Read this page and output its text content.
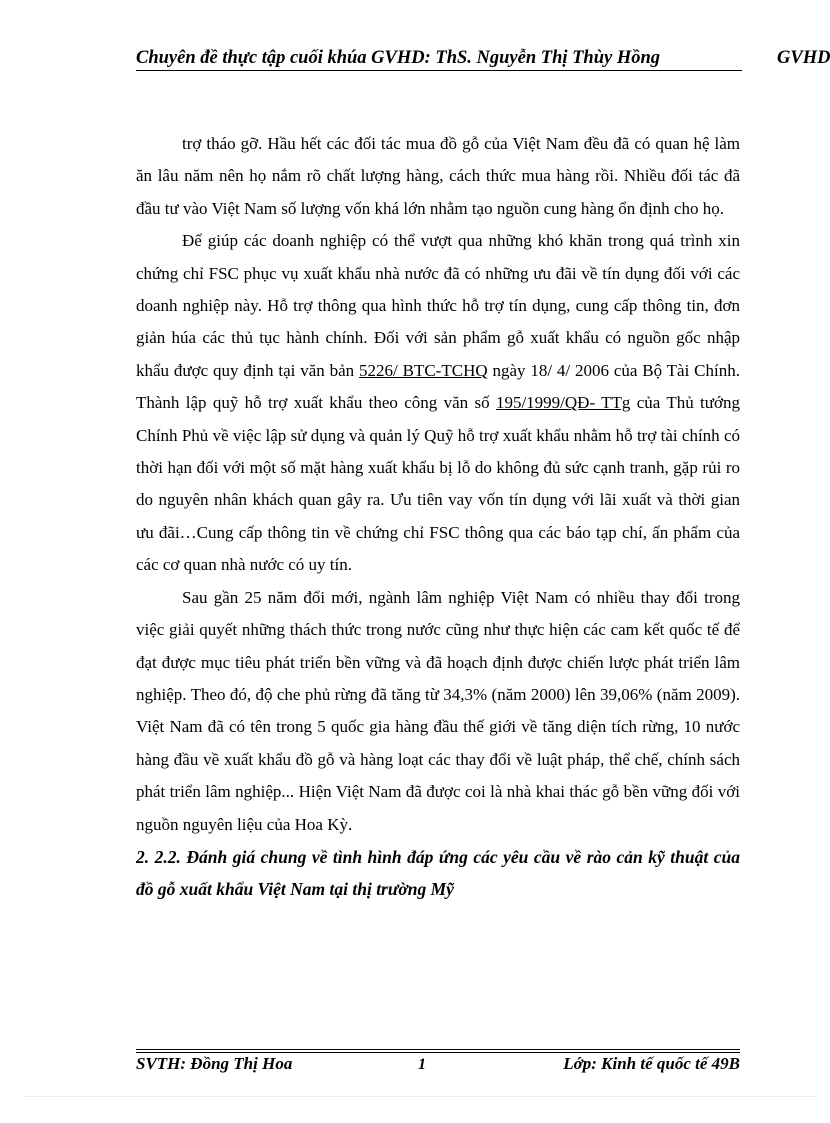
Chuyên đề thực tập cuối khúa GVHD: ThS. Nguyễn Thị Thùy Hồng	GVHD

trợ tháo gỡ. Hầu hết các đối tác mua đồ gỗ của Việt Nam đều đã có quan hệ làm ăn lâu năm nên họ nắm rõ chất lượng hàng, cách thức mua hàng rồi. Nhiều đối tác đã đầu tư vào Việt Nam số lượng vốn khá lớn nhằm tạo nguồn cung hàng ổn định cho họ.

Để giúp các doanh nghiệp có thể vượt qua những khó khăn trong quá trình xin chứng chỉ FSC phục vụ xuất khẩu nhà nước đã có những ưu đãi về tín dụng đối với các doanh nghiệp này. Hỗ trợ thông qua hình thức hỗ trợ tín dụng, cung cấp thông tin, đơn giản húa các thủ tục hành chính. Đối với sản phẩm gỗ xuất khẩu có nguồn gốc nhập khẩu được quy định tại văn bản 5226/ BTC-TCHQ ngày 18/ 4/ 2006 của Bộ Tài Chính. Thành lập quỹ hỗ trợ xuất khẩu theo công văn số 195/1999/QĐ- TTg của Thủ tướng Chính Phủ về việc lập sử dụng và quản lý Quỹ hỗ trợ xuất khẩu nhằm hỗ trợ tài chính có thời hạn đối với một số mặt hàng xuất khẩu bị lỗ do không đủ sức cạnh tranh, gặp rủi ro do nguyên nhân khách quan gây ra. Ưu tiên vay vốn tín dụng với lãi xuất và thời gian ưu đãi…Cung cấp thông tin về chứng chỉ FSC thông qua các báo tạp chí, ấn phẩm của các cơ quan nhà nước có uy tín.

Sau gần 25 năm đổi mới, ngành lâm nghiệp Việt Nam có nhiều thay đổi trong việc giải quyết những thách thức trong nước cũng như thực hiện các cam kết quốc tế để đạt được mục tiêu phát triển bền vững và đã hoạch định được chiến lược phát triển lâm nghiệp. Theo đó, độ che phủ rừng đã tăng từ 34,3% (năm 2000) lên 39,06% (năm 2009). Việt Nam đã có tên trong 5 quốc gia hàng đầu thế giới về tăng diện tích rừng, 10 nước hàng đầu về xuất khẩu đồ gỗ và hàng loạt các thay đổi về luật pháp, thể chế, chính sách phát triển lâm nghiệp... Hiện Việt Nam đã được coi là nhà khai thác gỗ bền vững đối với nguồn nguyên liệu của Hoa Kỳ.

2. 2.2. Đánh giá chung về tình hình đáp ứng các yêu cầu về rào cản kỹ thuật của đồ gỗ xuất khẩu Việt Nam tại thị trường Mỹ
SVTH: Đồng Thị Hoa	1	Lớp: Kinh tế quốc tế 49B
